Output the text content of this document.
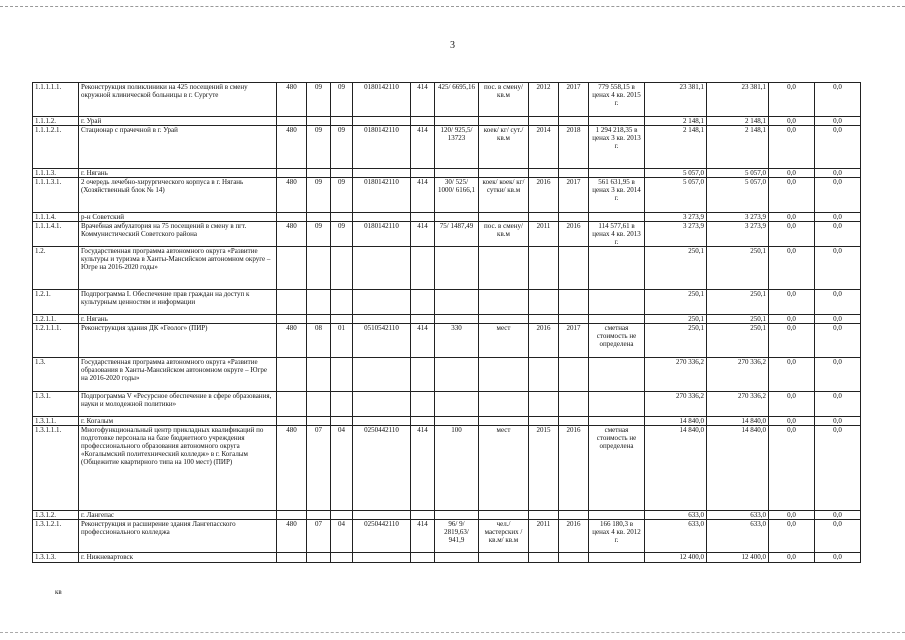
3
1.1.1.1.1.	Реконструкция поликлиники на 425 посещений в смену окружной клинической больницы в г. Сургуте	480	09	09	0180142110	414	425/ 6695,16	пос. в смену/ кв.м	2012	2017	779 558,15 в ценах 4 кв. 2015 г.	23 381,1	23 381,1	0,0	0,0
1.1.1.2.	г. Урай											2 148,1	2 148,1	0,0	0,0
1.1.1.2.1.	Стационар с прачечной в г. Урай	480	09	09	0180142110	414	120/ 925,5/ 13723	коек/ кг/ сут./ кв.м	2014	2018	1 294 218,35 в ценах 3 кв. 2013 г.	2 148,1	2 148,1	0,0	0,0
1.1.1.3.	г. Нягань											5 057,0	5 057,0	0,0	0,0
1.1.1.3.1.	2 очередь лечебно-хирургического корпуса в г. Нягань (Хозяйственный блок № 14)	480	09	09	0180142110	414	30/ 525/ 1000/ 6166,1	коек/ коек/ кг/ сутки/ кв.м	2016	2017	561 631,95 в ценах 3 кв. 2014 г.	5 057,0	5 057,0	0,0	0,0
1.1.1.4.	р-н Советский											3 273,9	3 273,9	0,0	0,0
1.1.1.4.1.	Врачебная амбулатория на 75 посещений в смену в пгт. Коммунистический Советского района	480	09	09	0180142110	414	75/ 1487,49	пос. в смену/ кв.м	2011	2016	114 577,61 в ценах 4 кв. 2013 г.	3 273,9	3 273,9	0,0	0,0
1.2.	Государственная программа автономного округа «Развитие культуры и туризма в Ханты-Мансийском автономном округе – Югре на 2016-2020 годы»											250,1	250,1	0,0	0,0
1.2.1.	Подпрограмма I. Обеспечение прав граждан на доступ к культурным ценностям и информации											250,1	250,1	0,0	0,0
1.2.1.1.	г. Нягань											250,1	250,1	0,0	0,0
1.2.1.1.1.	Реконструкция здания ДК «Геолог» (ПИР)	480	08	01	0510542110	414	330	мест	2016	2017	сметная стоимость не определена	250,1	250,1	0,0	0,0
1.3.	Государственная программа автономного округа «Развитие образования в Ханты-Мансийском автономном округе – Югре на 2016-2020 годы»											270 336,2	270 336,2	0,0	0,0
1.3.1.	Подпрограмма V «Ресурсное обеспечение в сфере образования, науки и молодежной политики»											270 336,2	270 336,2	0,0	0,0
1.3.1.1.	г. Когалым											14 840,0	14 840,0	0,0	0,0
1.3.1.1.1.	Многофункциональный центр прикладных квалификаций по подготовке персонала на базе бюджетного учреждения профессионального образования автономного округа «Когалымский политехнический колледж» в г. Когалым (Общежитие квартирного типа на 100 мест) (ПИР)	480	07	04	0250442110	414	100	мест	2015	2016	сметная стоимость не определена	14 840,0	14 840,0	0,0	0,0
1.3.1.2.	г. Лангепас											633,0	633,0	0,0	0,0
1.3.1.2.1.	Реконструкция и расширение здания Лангепасского профессионального колледжа	480	07	04	0250442110	414	96/ 9/ 2819,63/ 941,9	чел./ мастерских / кв.м/ кв.м	2011	2016	166 180,3 в ценах 4 кв. 2012 г.	633,0	633,0	0,0	0,0
1.3.1.3.	г. Нижневартовск											12 400,0	12 400,0	0,0	0,0
кв
